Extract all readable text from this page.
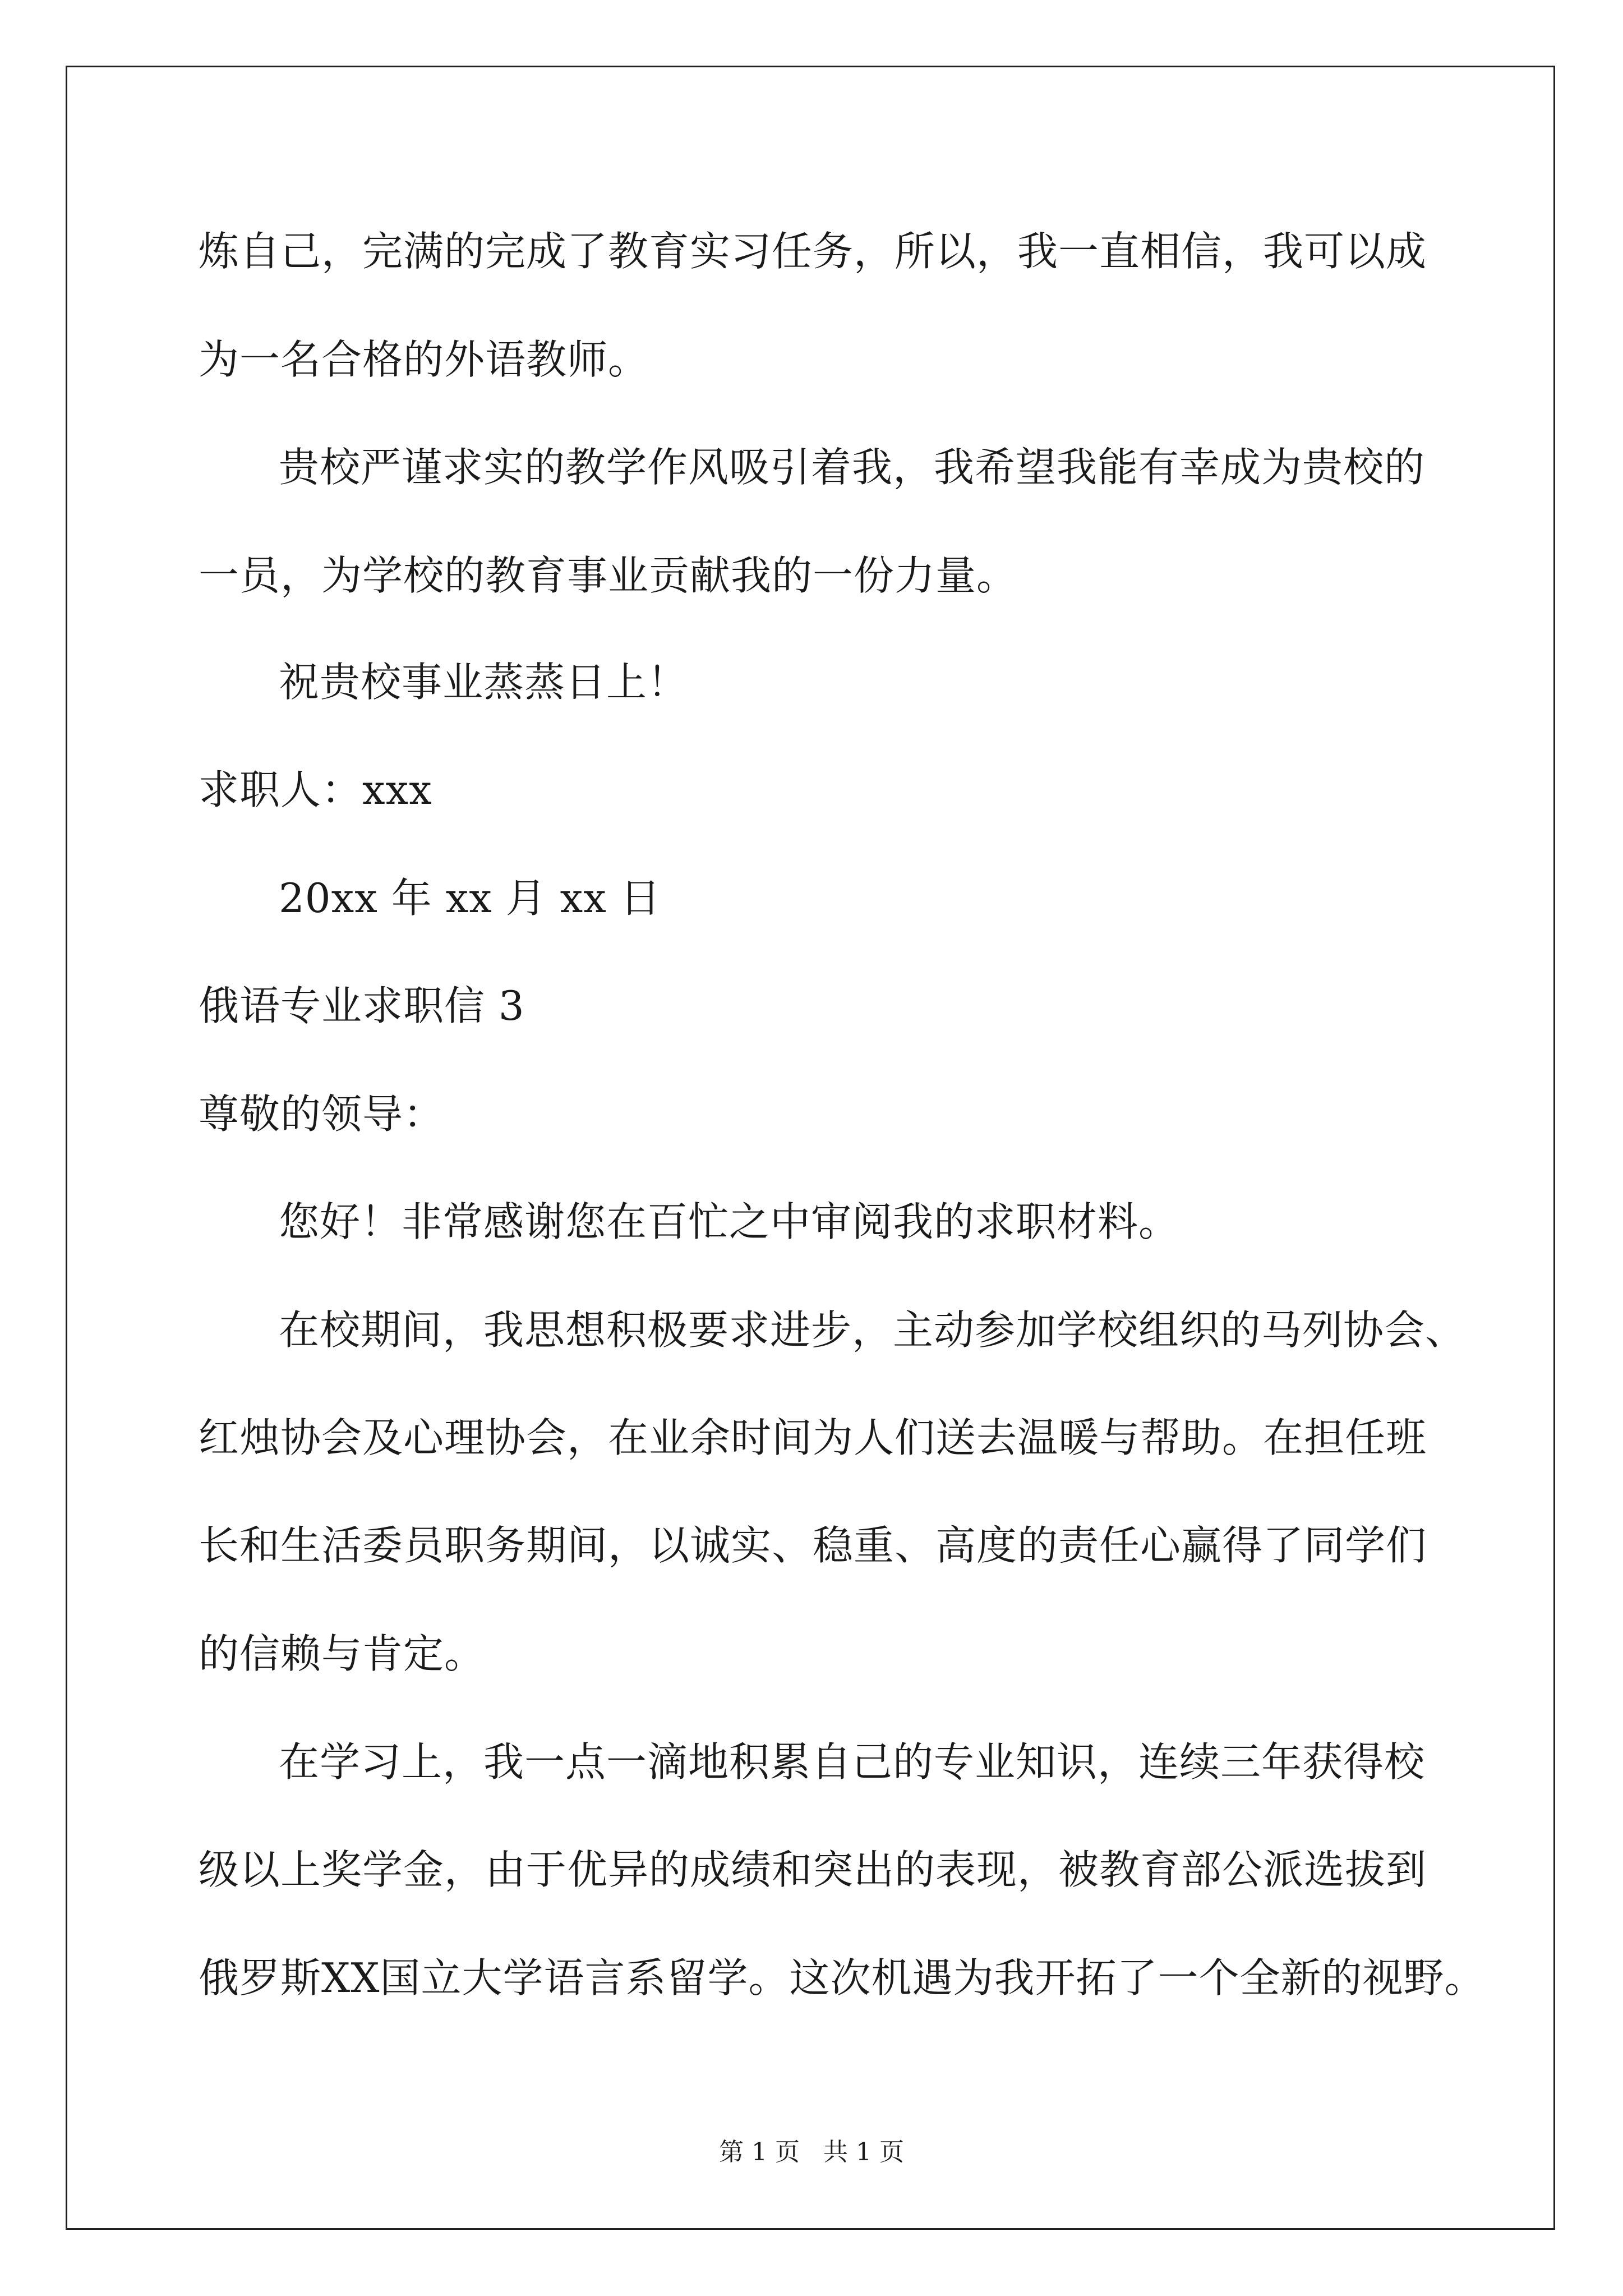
炼自己，完满的完成了教育实习任务，所以，我一直相信，我可以成
为一名合格的外语教师。
贵校严谨求实的教学作风吸引着我，我希望我能有幸成为贵校的
一员，为学校的教育事业贡献我的一份力量。
祝贵校事业蒸蒸日上！
求职人：xxx
20xx 年 xx 月 xx 日
俄语专业求职信 3
尊敬的领导：
您好！非常感谢您在百忙之中审阅我的求职材料。
在校期间，我思想积极要求进步，主动参加学校组织的马列协会、
红烛协会及心理协会，在业余时间为人们送去温暖与帮助。在担任班
长和生活委员职务期间，以诚实、稳重、高度的责任心赢得了同学们
的信赖与肯定。
在学习上，我一点一滴地积累自己的专业知识，连续三年获得校
级以上奖学金，由于优异的成绩和突出的表现，被教育部公派选拔到
俄罗斯XX国立大学语言系留学。这次机遇为我开拓了一个全新的视野。
第 1 页   共 1 页
